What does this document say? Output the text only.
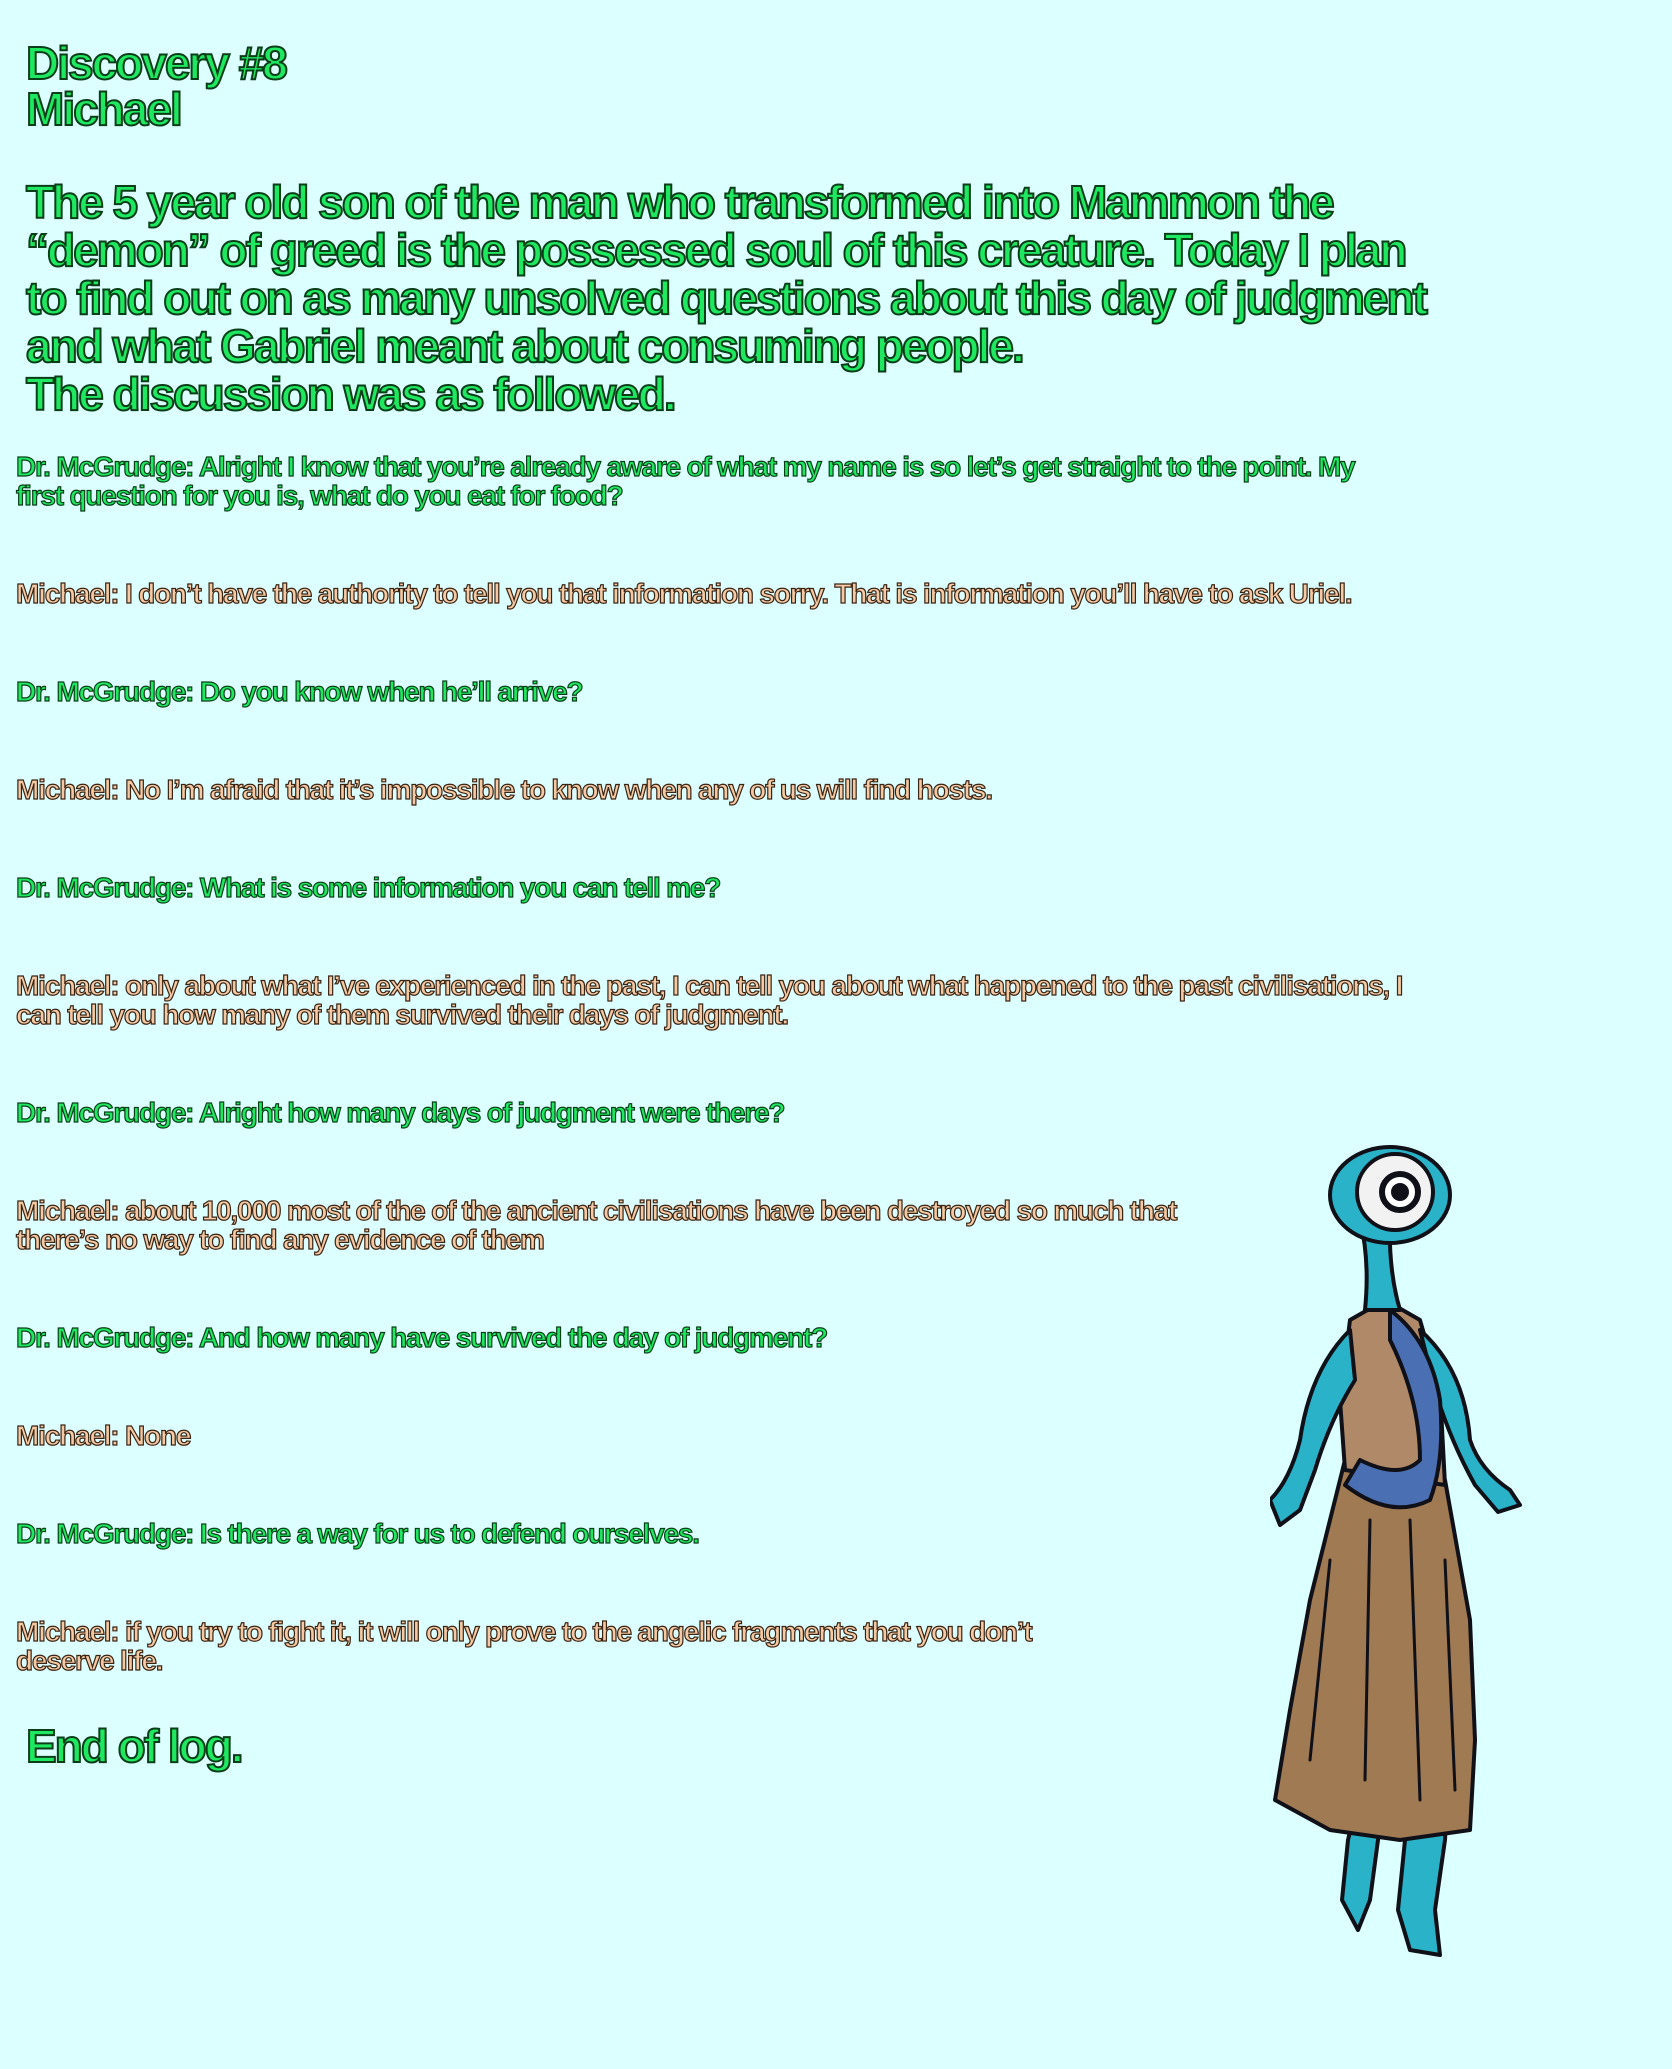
Discovery #8

Michael

The 5 year old son of the man who transformed into Mammon the
“demon” of greed is the possessed soul of this creature. Today I plan
to find out on as many unsolved questions about this day of judgment
and what Gabriel meant about consuming people.
The discussion was as followed.

Dr. McGrudge: Alright I know that you’re already aware of what my name is so let’s get straight to the point. My

first question for you is, what do you eat for food?

Michael: I don’t have the authority to tell you that information sorry. That is information you’ll have to ask Uriel.

Dr. McGrudge: Do you know when he’ll arrive?

Michael: No I’m afraid that it’s impossible to know when any of us will find hosts.

Dr. McGrudge: What is some information you can tell me?

Michael: only about what I’ve experienced in the past, I can tell you about what happened to the past civilisations, I

can tell you how many of them survived their days of judgment.

Dr. McGrudge: Alright how many days of judgment were there?

Michael: about 10,000 most of the of the ancient civilisations have been destroyed so much that

there’s no way to find any evidence of them

Dr. McGrudge: And how many have survived the day of judgment?

Michael: None

Dr. McGrudge: Is there a way for us to defend ourselves.

Michael: if you try to fight it, it will only prove to the angelic fragments that you don’t

deserve life.

End of log.
